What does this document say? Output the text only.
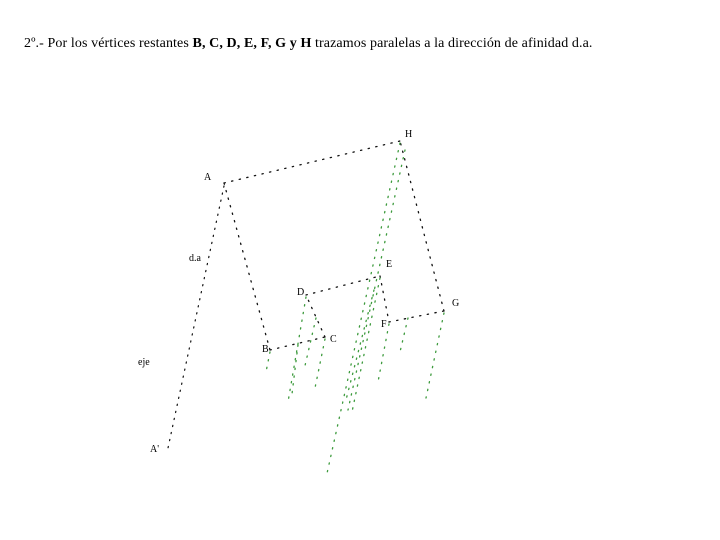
2º.- Por los vértices restantes B, C, D, E, F, G y H trazamos paralelas a la dirección de afinidad d.a.
A
H
E
D
G
F
C
B
d.a
eje
A'
